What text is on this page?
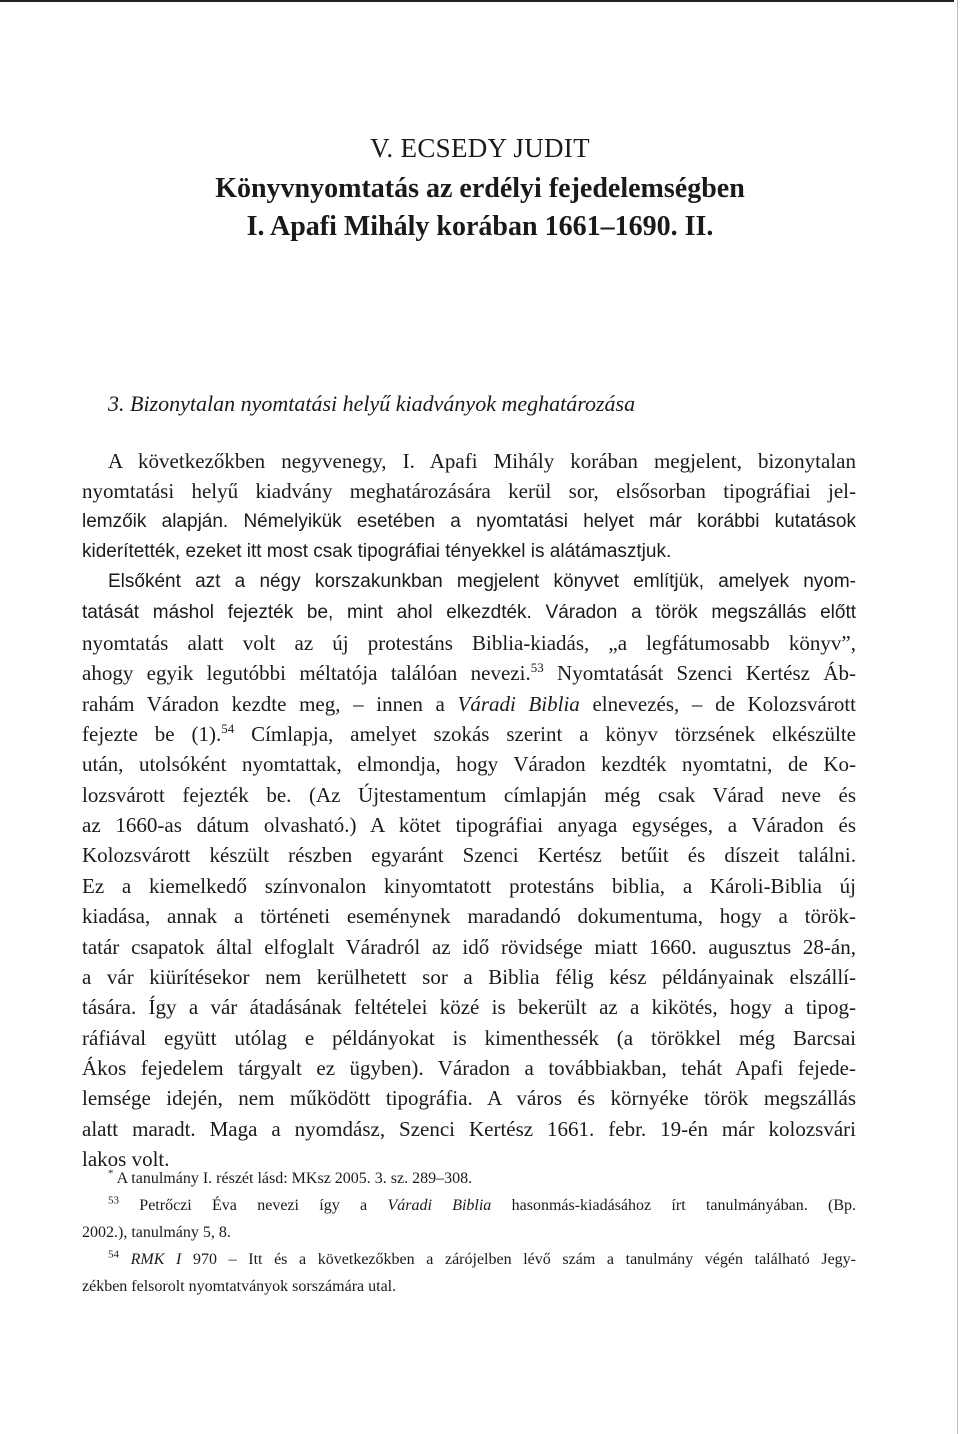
V. ECSEDY JUDIT
Könyvnyomtatás az erdélyi fejedelemségben
I. Apafi Mihály korában 1661–1690. II.
3. Bizonytalan nyomtatási helyű kiadványok meghatározása
A következőkben negyvenegy, I. Apafi Mihály korában megjelent, bizonytalan
nyomtatási helyű kiadvány meghatározására kerül sor, elsősorban tipográfiai jel-
lemzőik alapján. Némelyikük esetében a nyomtatási helyet már korábbi kutatások
kiderítették, ezeket itt most csak tipográfiai tényekkel is alátámasztjuk.
Elsőként azt a négy korszakunkban megjelent könyvet említjük, amelyek nyom-
tatását máshol fejezték be, mint ahol elkezdték. Váradon a török megszállás előtt
nyomtatás alatt volt az új protestáns Biblia-kiadás, „a legfátumosabb könyv”,
ahogy egyik legutóbbi méltatója találóan nevezi.$^{53}$ Nyomtatását Szenci Kertész Áb-
rahám Váradon kezdte meg, – innen a Váradi Biblia elnevezés, – de Kolozsvárott
fejezte be (1).$^{54}$ Címlapja, amelyet szokás szerint a könyv törzsének elkészülte
után, utolsóként nyomtattak, elmondja, hogy Váradon kezdték nyomtatni, de Ko-
lozsvárott fejezték be. (Az Újtestamentum címlapján még csak Várad neve és
az 1660-as dátum olvasható.) A kötet tipográfiai anyaga egységes, a Váradon és
Kolozsvárott készült részben egyaránt Szenci Kertész betűit és díszeit találni.
Ez a kiemelkedő színvonalon kinyomtatott protestáns biblia, a Károli-Biblia új
kiadása, annak a történeti eseménynek maradandó dokumentuma, hogy a török-
tatár csapatok által elfoglalt Váradról az idő rövidsége miatt 1660. augusztus 28-án,
a vár kiürítésekor nem kerülhetett sor a Biblia félig kész példányainak elszállí-
tására. Így a vár átadásának feltételei közé is bekerült az a kikötés, hogy a tipog-
ráfiával együtt utólag e példányokat is kimenthessék (a törökkel még Barcsai
Ákos fejedelem tárgyalt ez ügyben). Váradon a továbbiakban, tehát Apafi fejede-
lemsége idején, nem működött tipográfia. A város és környéke török megszállás
alatt maradt. Maga a nyomdász, Szenci Kertész 1661. febr. 19-én már kolozsvári
lakos volt.
* A tanulmány I. részét lásd: MKsz 2005. 3. sz. 289–308.
$^{53}$ Petrőczi Éva nevezi így a Váradi Biblia hasonmás-kiadásához írt tanulmányában. (Bp.
2002.), tanulmány 5, 8.
$^{54}$ RMK I 970 – Itt és a következőkben a zárójelben lévő szám a tanulmány végén található Jegy-
zékben felsorolt nyomtatványok sorszámára utal.
